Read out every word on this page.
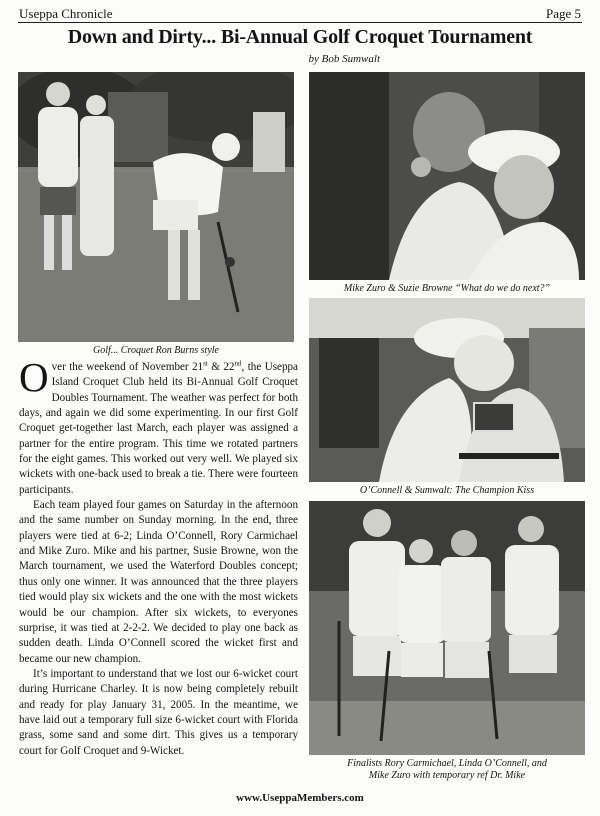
Useppa Chronicle	Page 5
Down and Dirty... Bi-Annual Golf Croquet Tournament
by Bob Sumwalt
Golf... Croquet Ron Burns style
Mike Zuro & Suzie Browne “What do we do next?”
O’Connell & Sumwalt: The Champion Kiss
Finalists Rory Carmichael, Linda O’Connell, and
Mike Zuro with temporary ref Dr. Mike

Over the weekend of November 21st & 22nd, the Useppa Island Croquet Club held its Bi-Annual Golf Croquet Doubles Tournament. The weather was perfect for both days, and again we did some experimenting. In our first Golf Croquet get-together last March, each player was assigned a partner for the entire program. This time we rotated partners for the eight games. This worked out very well. We played six wickets with one-back used to break a tie. There were fourteen participants.

Each team played four games on Saturday in the afternoon and the same number on Sunday morning. In the end, three players were tied at 6-2; Linda O’Connell, Rory Carmichael and Mike Zuro. Mike and his partner, Susie Browne, won the March tournament, we used the Waterford Doubles concept; thus only one winner. It was announced that the three players tied would play six wickets and the one with the most wickets would be our champion. After six wickets, to everyones surprise, it was tied at 2-2-2. We decided to play one back as sudden death. Linda O’Connell scored the wicket first and became our new champion.

It’s important to understand that we lost our 6-wicket court during Hurricane Charley. It is now being completely rebuilt and ready for play January 31, 2005. In the meantime, we have laid out a temporary full size 6-wicket court with Florida grass, some sand and some dirt. This gives us a temporary court for Golf Croquet and 9-Wicket.

www.UseppaMembers.com
